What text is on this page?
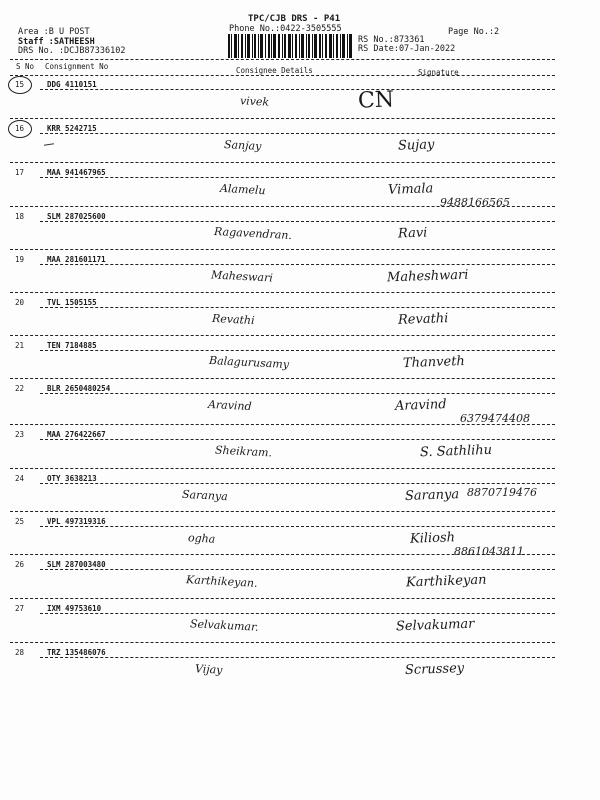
Area :B U POST
Staff :SATHEESH
DRS No. :DCJB87336102
TPC/CJB DRS - P41
Phone No.:0422-3505555	Page No.:2
RS No.:873361
RS Date:07-Jan-2022
S No Consignment No	Consignee Details	Signature
15	DDG 4110151
vivek	CN
16	KRR 5242715
Sanjay	Sujay
17	MAA 941467965
Alamelu	Vimala
9488166565
18	SLM 287025600
Ragavendran.	Ravi
19	MAA 281601171
Maheswari	Maheshwari
20	TVL 1505155
Revathi	Revathi
21	TEN 7184885
Balagurusamy	Thanveth
22	BLR 2650480254
Aravind	Aravind
6379474408
23	MAA 276422667
Sheikram.	S. Sathlihu
24	OTY 3638213
Saranya	Saranya 8870719476
25	VPL 497319316
ogha	Kiliosh
8861043811
26	SLM 287003480
Karthikeyan.	Karthikeyan
27	IXM 49753610
Selvakumar.	Selvakumar
28	TRZ 135486076
Vijay	Scrussey
